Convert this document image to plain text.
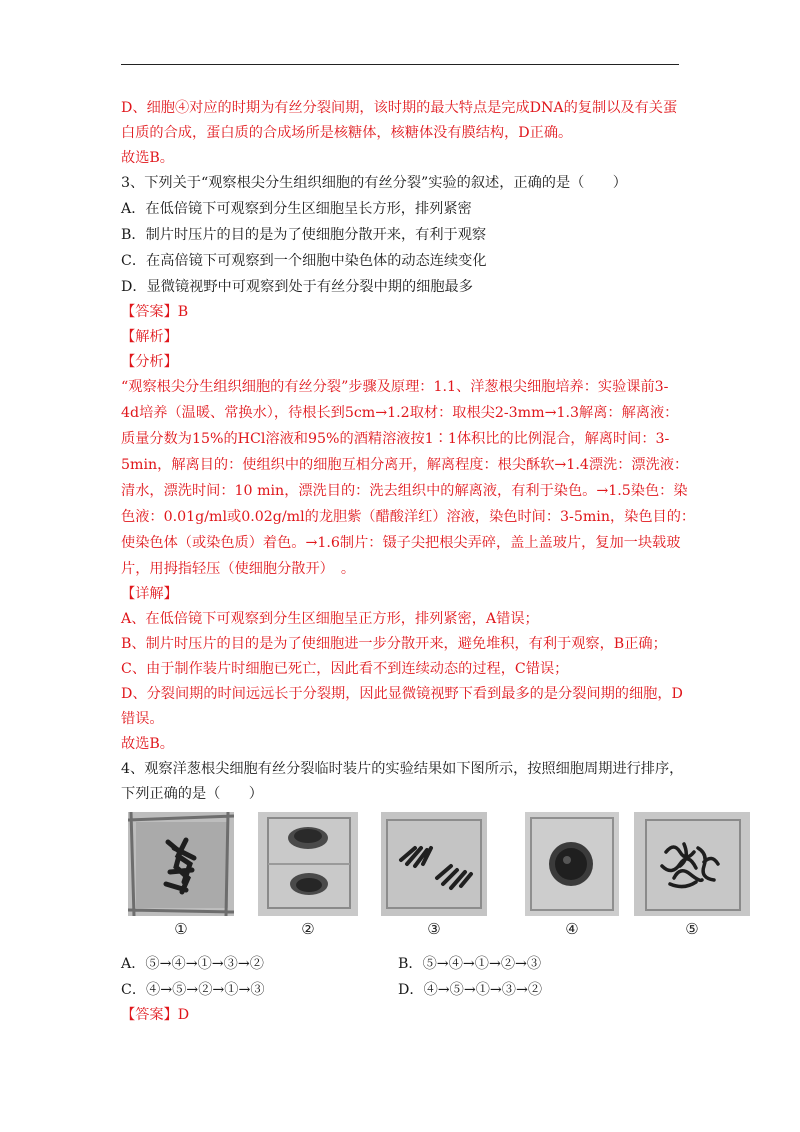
D、细胞④对应的时期为有丝分裂间期，该时期的最大特点是完成DNA的复制以及有关蛋
白质的合成，蛋白质的合成场所是核糖体，核糖体没有膜结构，D正确。
故选B。
3、下列关于“观察根尖分生组织细胞的有丝分裂”实验的叙述，正确的是（　　）
A．在低倍镜下可观察到分生区细胞呈长方形，排列紧密
B．制片时压片的目的是为了使细胞分散开来，有利于观察
C．在高倍镜下可观察到一个细胞中染色体的动态连续变化
D．显微镜视野中可观察到处于有丝分裂中期的细胞最多
【答案】B
【解析】
【分析】
“观察根尖分生组织细胞的有丝分裂”步骤及原理：1.1、洋葱根尖细胞培养：实验课前3-
4d培养（温暖、常换水），待根长到5cm→1.2取材：取根尖2-3mm→1.3解离：解离液：
质量分数为15%的HCl溶液和95%的酒精溶液按1∶1体积比的比例混合，解离时间：3-
5min，解离目的：使组织中的细胞互相分离开，解离程度：根尖酥软→1.4漂洗：漂洗液：
清水，漂洗时间：10 min，漂洗目的：洗去组织中的解离液，有利于染色。→1.5染色：染
色液：0.01g/ml或0.02g/ml的龙胆紫（醋酸洋红）溶液，染色时间：3-5min，染色目的：
使染色体（或染色质）着色。→1.6制片：镊子尖把根尖弄碎，盖上盖玻片，复加一块载玻
片，用拇指轻压（使细胞分散开）　。
【详解】
A、在低倍镜下可观察到分生区细胞呈正方形，排列紧密，A错误；
B、制片时压片的目的是为了使细胞进一步分散开来，避免堆积，有利于观察，B正确；
C、由于制作装片时细胞已死亡，因此看不到连续动态的过程，C错误；
D、分裂间期的时间远远长于分裂期，因此显微镜视野下看到最多的是分裂间期的细胞，D
错误。
故选B。
4、观察洋葱根尖细胞有丝分裂临时装片的实验结果如下图所示，按照细胞周期进行排序，
下列正确的是（　　）
①	②	③	④	⑤
A．⑤→④→①→③→②	B．⑤→④→①→②→③
C．④→⑤→②→①→③	D．④→⑤→①→③→②
【答案】D
